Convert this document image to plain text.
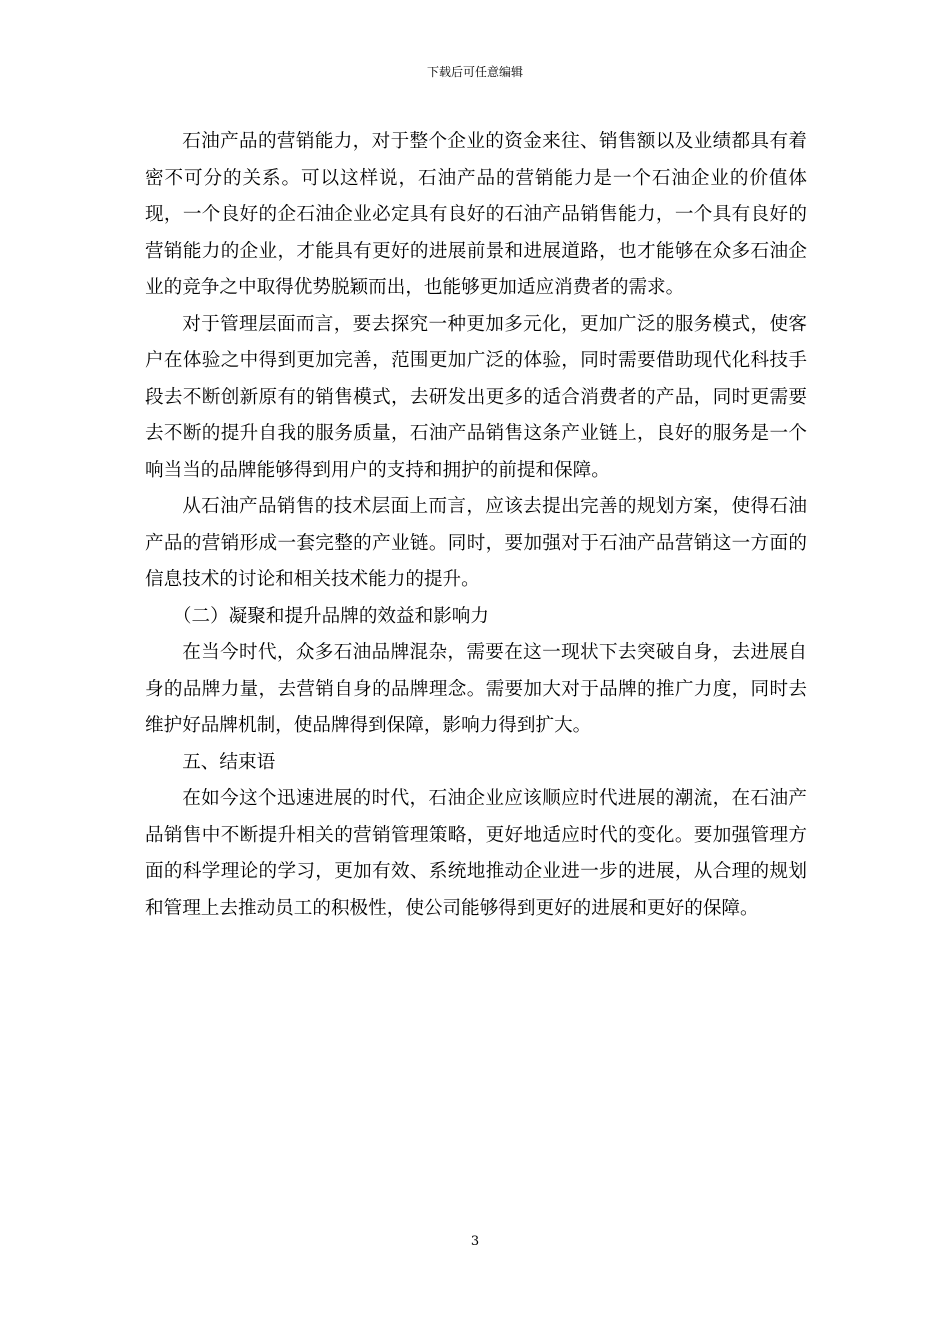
下载后可任意编辑

石油产品的营销能力，对于整个企业的资金来往、销售额以及业绩都具有着密不可分的关系。可以这样说，石油产品的营销能力是一个石油企业的价值体现，一个良好的企石油企业必定具有良好的石油产品销售能力，一个具有良好的营销能力的企业，才能具有更好的进展前景和进展道路，也才能够在众多石油企业的竞争之中取得优势脱颖而出，也能够更加适应消费者的需求。

对于管理层面而言，要去探究一种更加多元化，更加广泛的服务模式，使客户在体验之中得到更加完善，范围更加广泛的体验，同时需要借助现代化科技手段去不断创新原有的销售模式，去研发出更多的适合消费者的产品，同时更需要去不断的提升自我的服务质量，石油产品销售这条产业链上，良好的服务是一个响当当的品牌能够得到用户的支持和拥护的前提和保障。

从石油产品销售的技术层面上而言，应该去提出完善的规划方案，使得石油产品的营销形成一套完整的产业链。同时，要加强对于石油产品营销这一方面的信息技术的讨论和相关技术能力的提升。

（二）凝聚和提升品牌的效益和影响力

在当今时代，众多石油品牌混杂，需要在这一现状下去突破自身，去进展自身的品牌力量，去营销自身的品牌理念。需要加大对于品牌的推广力度，同时去维护好品牌机制，使品牌得到保障，影响力得到扩大。

五、结束语

在如今这个迅速进展的时代，石油企业应该顺应时代进展的潮流，在石油产品销售中不断提升相关的营销管理策略，更好地适应时代的变化。要加强管理方面的科学理论的学习，更加有效、系统地推动企业进一步的进展，从合理的规划和管理上去推动员工的积极性，使公司能够得到更好的进展和更好的保障。

3
